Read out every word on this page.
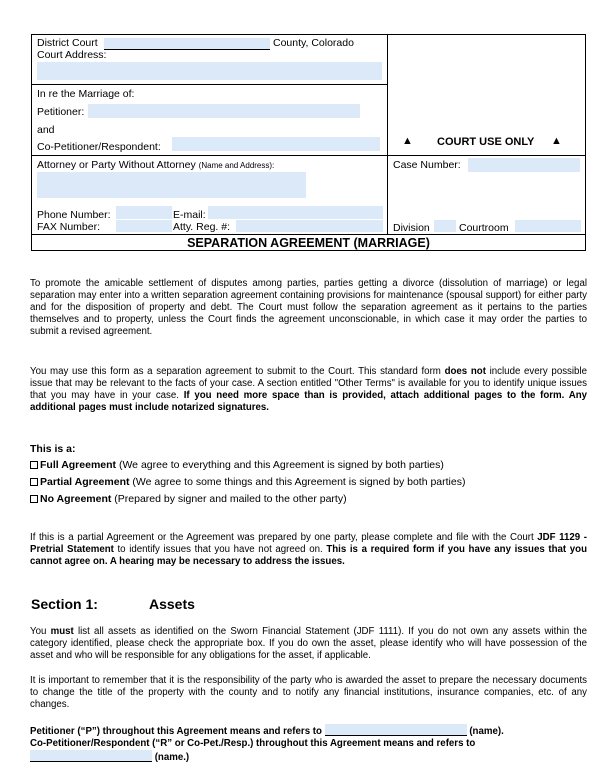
District Court	County, Colorado
Court Address:
In re the Marriage of:
Petitioner:
and
Co-Petitioner/Respondent:
Attorney or Party Without Attorney (Name and Address):
Phone Number:	E-mail:
FAX Number:	Atty. Reg. #:
▲ COURT USE ONLY ▲
Case Number:
Division	Courtroom
SEPARATION AGREEMENT (MARRIAGE)
To promote the amicable settlement of disputes among parties, parties getting a divorce (dissolution of marriage) or legal separation may enter into a written separation agreement containing provisions for maintenance (spousal support) for either party and for the disposition of property and debt. The Court must follow the separation agreement as it pertains to the parties themselves and to property, unless the Court finds the agreement unconscionable, in which case it may order the parties to submit a revised agreement.
You may use this form as a separation agreement to submit to the Court. This standard form does not include every possible issue that may be relevant to the facts of your case. A section entitled "Other Terms" is available for you to identify unique issues that you may have in your case. If you need more space than is provided, attach additional pages to the form. Any additional pages must include notarized signatures.
This is a:
Full Agreement (We agree to everything and this Agreement is signed by both parties)
Partial Agreement (We agree to some things and this Agreement is signed by both parties)
No Agreement (Prepared by signer and mailed to the other party)
If this is a partial Agreement or the Agreement was prepared by one party, please complete and file with the Court JDF 1129 - Pretrial Statement to identify issues that you have not agreed on. This is a required form if you have any issues that you cannot agree on. A hearing may be necessary to address the issues.
Section 1:	Assets
You must list all assets as identified on the Sworn Financial Statement (JDF 1111). If you do not own any assets within the category identified, please check the appropriate box. If you do own the asset, please identify who will have possession of the asset and who will be responsible for any obligations for the asset, if applicable.
It is important to remember that it is the responsibility of the party who is awarded the asset to prepare the necessary documents to change the title of the property with the county and to notify any financial institutions, insurance companies, etc. of any changes.
Petitioner (“P”) throughout this Agreement means and refers to	(name).
Co-Petitioner/Respondent (“R” or Co-Pet./Resp.) throughout this Agreement means and refers to
(name.)
